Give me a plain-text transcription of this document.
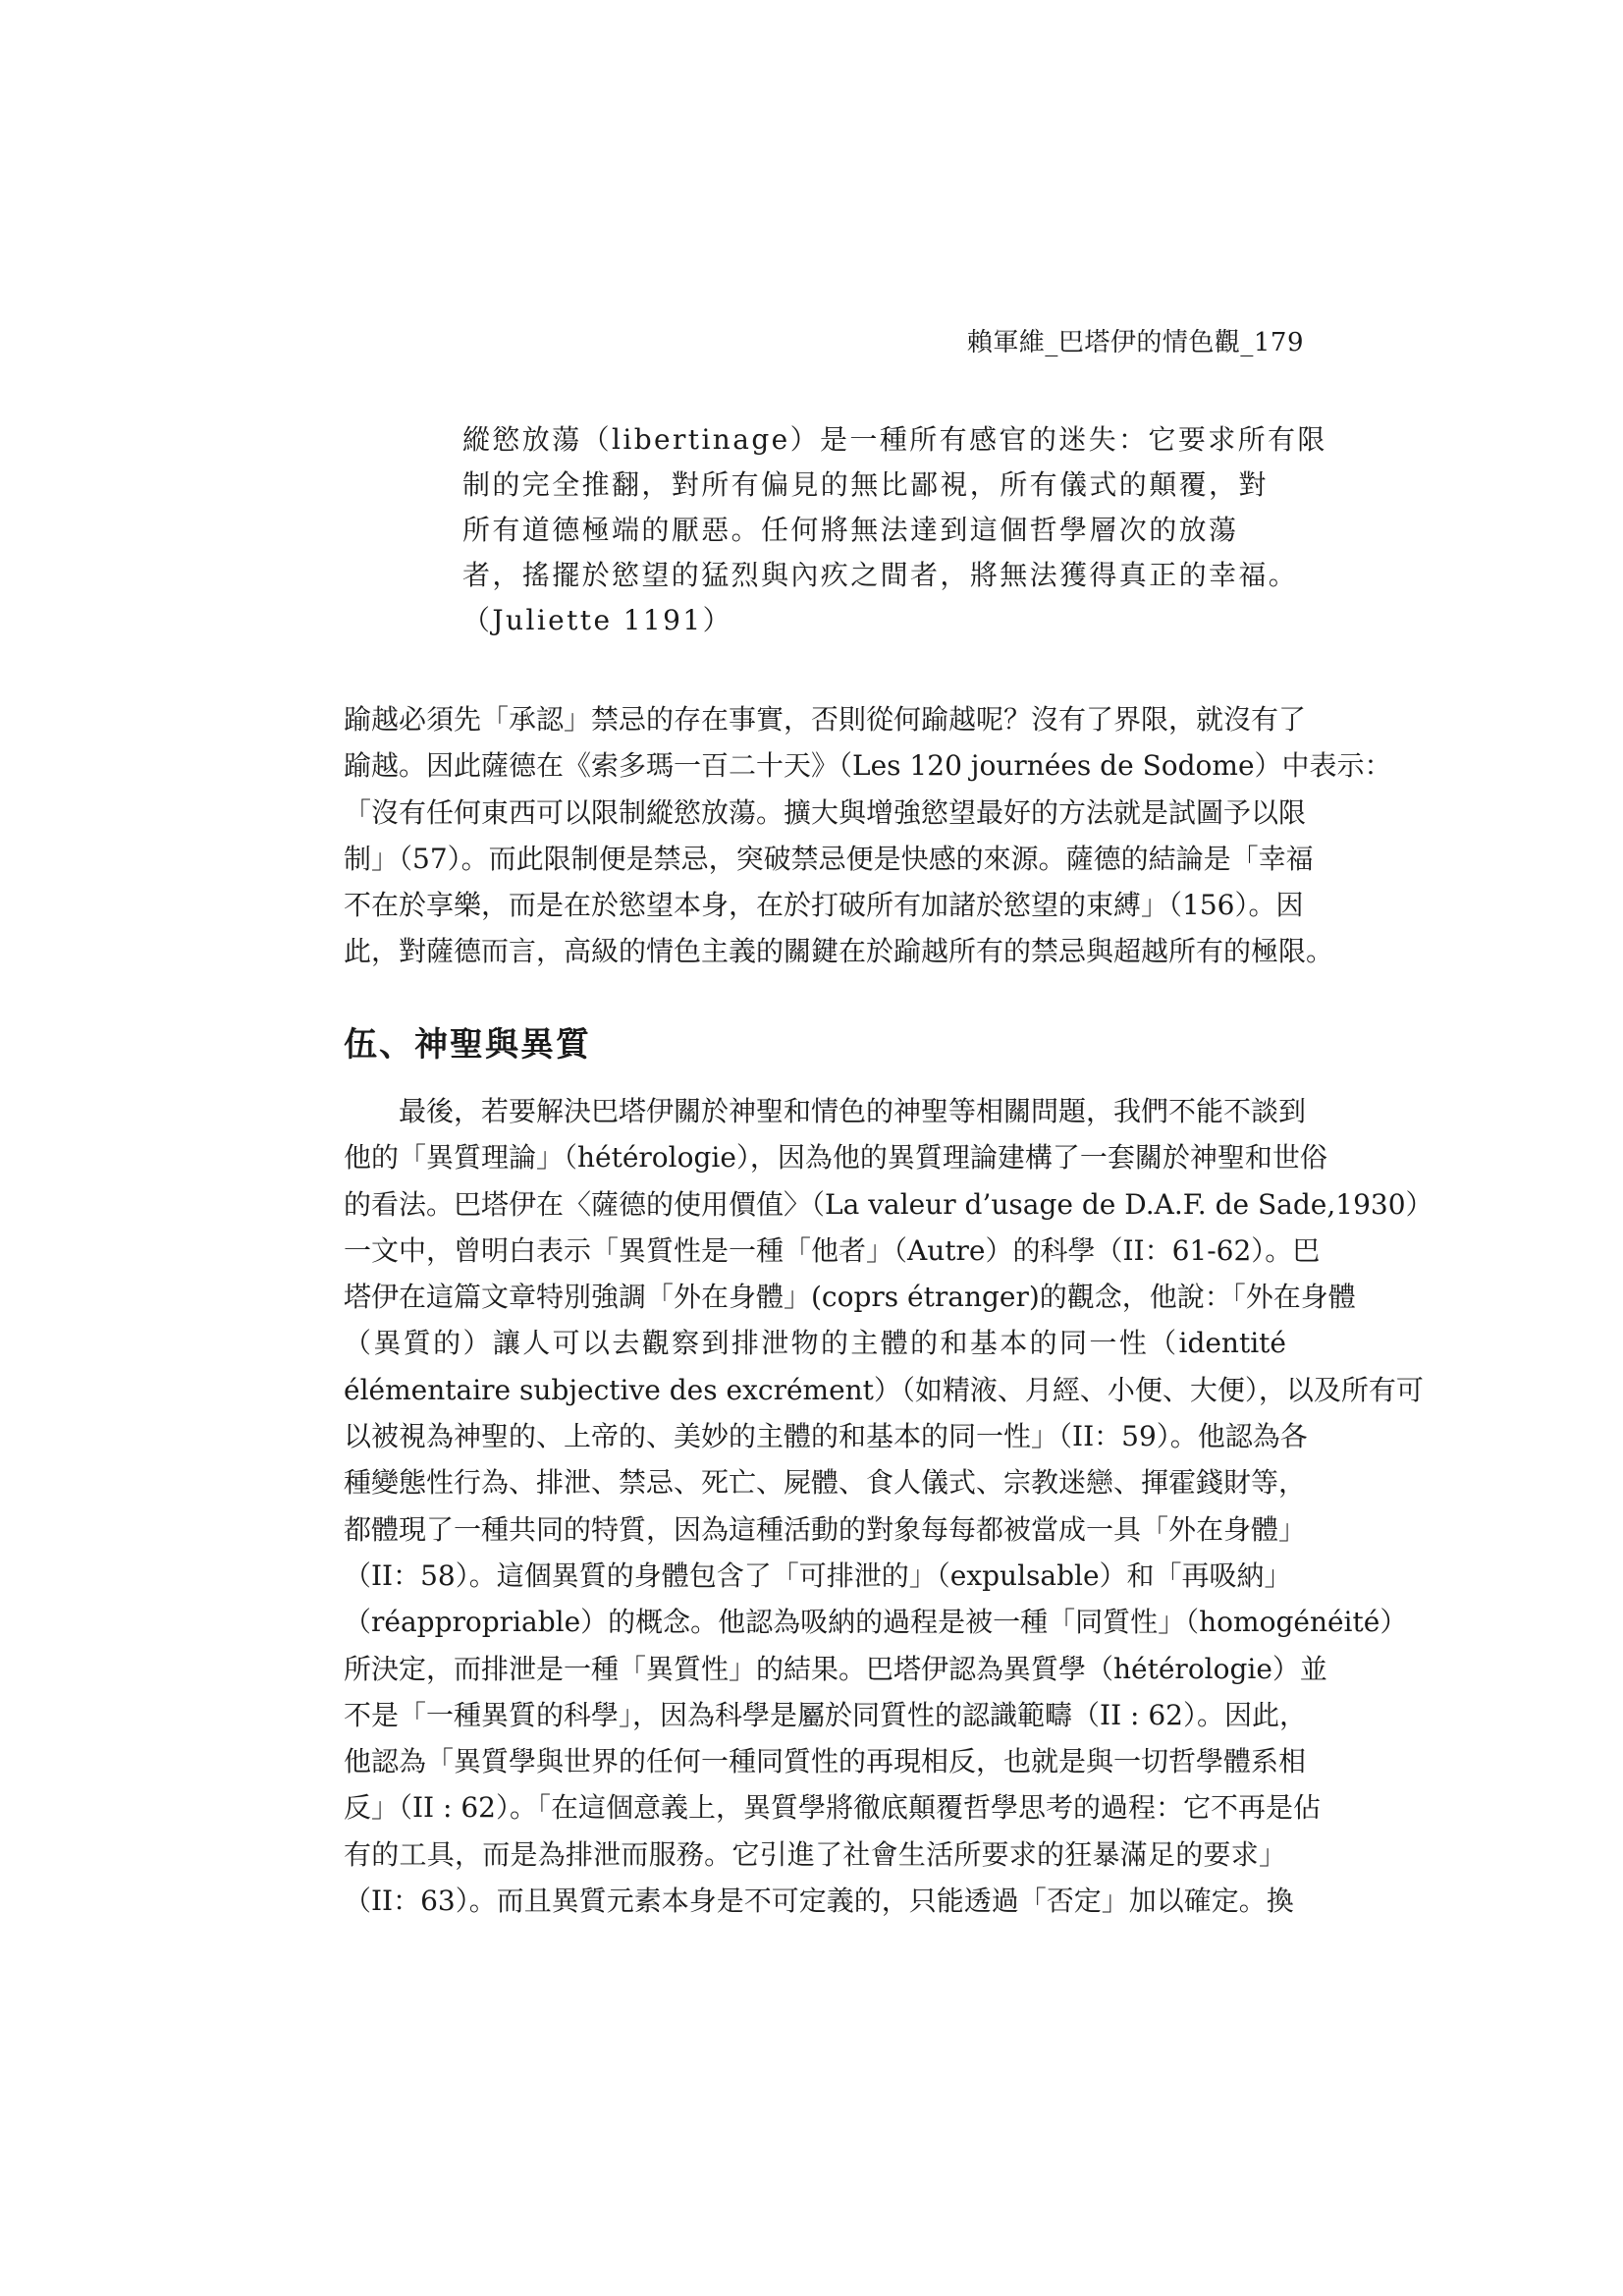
賴軍維_巴塔伊的情色觀_179
縱慾放蕩（libertinage）是一種所有感官的迷失：它要求所有限
制的完全推翻，對所有偏見的無比鄙視，所有儀式的顛覆，對
所有道德極端的厭惡。任何將無法達到這個哲學層次的放蕩
者，搖擺於慾望的猛烈與內疚之間者，將無法獲得真正的幸福。
（Juliette 1191）
踰越必須先「承認」禁忌的存在事實，否則從何踰越呢？沒有了界限，就沒有了
踰越。因此薩德在《索多瑪一百二十天》（Les 120 journées de Sodome）中表示：
「沒有任何東西可以限制縱慾放蕩。擴大與增強慾望最好的方法就是試圖予以限
制」（57）。而此限制便是禁忌，突破禁忌便是快感的來源。薩德的結論是「幸福
不在於享樂，而是在於慾望本身，在於打破所有加諸於慾望的束縛」（156）。因
此，對薩德而言，高級的情色主義的關鍵在於踰越所有的禁忌與超越所有的極限。
伍、神聖與異質
最後，若要解決巴塔伊關於神聖和情色的神聖等相關問題，我們不能不談到
他的「異質理論」（hétérologie），因為他的異質理論建構了一套關於神聖和世俗
的看法。巴塔伊在〈薩德的使用價值〉（La valeur d’usage de D.A.F. de Sade,1930）
一文中，曾明白表示「異質性是一種「他者」（Autre）的科學（II：61-62）。巴
塔伊在這篇文章特別強調「外在身體」(coprs étranger)的觀念，他說：「外在身體
（異質的）讓人可以去觀察到排泄物的主體的和基本的同一性（identité
élémentaire subjective des excrément）（如精液、月經、小便、大便），以及所有可
以被視為神聖的、上帝的、美妙的主體的和基本的同一性」（II：59）。他認為各
種變態性行為、排泄、禁忌、死亡、屍體、食人儀式、宗教迷戀、揮霍錢財等，
都體現了一種共同的特質，因為這種活動的對象每每都被當成一具「外在身體」
（II：58）。這個異質的身體包含了「可排泄的」（expulsable）和「再吸納」
（réappropriable）的概念。他認為吸納的過程是被一種「同質性」（homogénéité）
所決定，而排泄是一種「異質性」的結果。巴塔伊認為異質學（hétérologie）並
不是「一種異質的科學」，因為科學是屬於同質性的認識範疇（II : 62）。因此，
他認為「異質學與世界的任何一種同質性的再現相反，也就是與一切哲學體系相
反」（II : 62）。「在這個意義上，異質學將徹底顛覆哲學思考的過程：它不再是佔
有的工具，而是為排泄而服務。它引進了社會生活所要求的狂暴滿足的要求」
（II：63）。而且異質元素本身是不可定義的，只能透過「否定」加以確定。換
